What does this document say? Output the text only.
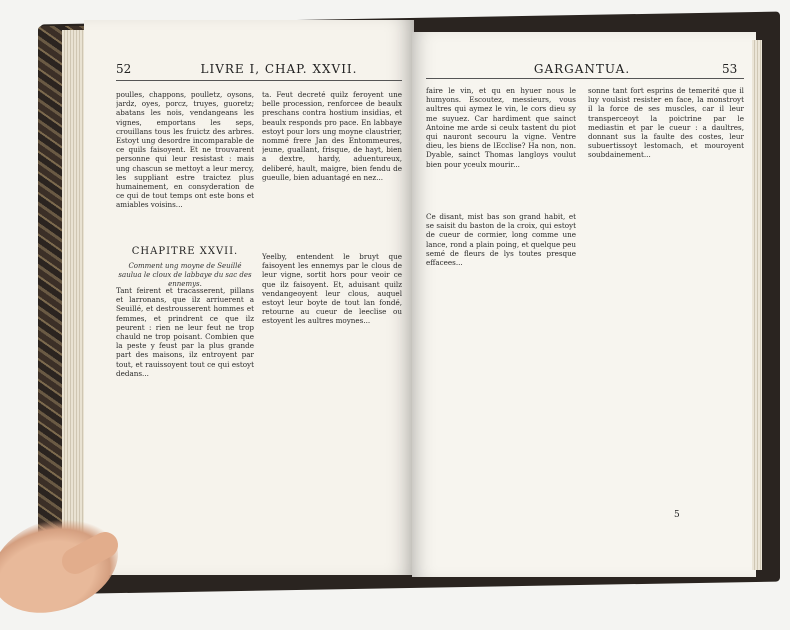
52	LIVRE I, CHAP. XXVII.
poulles, chappons, poulletz, oysons, jardz, oyes, porcz, truyes, guoretz; abatans les nois, vendangeans les vignes, emportans les seps, crouillans tous les fruictz des arbres. Estoyt ung desordre incomparable de ce quils faisoyent. Et ne trouvarent personne qui leur resistast : mais ung chascun se mettoyt a leur mercy, les suppliant estre traictez plus humainement, en consyderation de ce qui de tout temps ont este bons et amiables voisins...
CHAPITRE XXVII.
Comment ung moyne de Seuillé saulua le cloux de labbaye du sac des ennemys.
Tant feirent et tracasserent, pillans et larronans, que ilz arriuerent a Seuillé, et destrousserent hommes et femmes, et prindrent ce que ilz peurent : rien ne leur feut ne trop chauld ne trop poisant. Combien que la peste y feust par la plus grande part des maisons, ilz entroyent par tout, et rauissoyent tout ce qui estoyt dedans...
ta. Feut decreté quilz feroyent une belle procession, renforcee de beaulx preschans contra hostium insidias, et beaulx responds pro pace. En labbaye estoyt pour lors ung moyne claustrier, nommé frere Jan des Entommeures, jeune, guallant, frisque, de hayt, bien a dextre, hardy, aduentureux, deliberé, hault, maigre, bien fendu de gueulle, bien aduantagé en nez...
Yeelby, entendent le bruyt que faisoyent les ennemys par le clous de leur vigne, sortit hors pour veoir ce que ilz faisoyent. Et, aduisant quilz vendangeoyent leur clous, auquel estoyt leur boyte de tout lan fondé, retourne au cueur de leeclise ou estoyent les aultres moynes...
GARGANTUA.	53
faire le vin, et qu en hyuer nous le humyons. Escoutez, messieurs, vous aultres qui aymez le vin, le cors dieu sy me suyuez. Car hardiment que sainct Antoine me arde si ceulx tastent du piot qui nauront secouru la vigne. Ventre dieu, les biens de lEcclise? Ha non, non. Dyable, sainct Thomas langloys voulut bien pour yceulx mourir...
Ce disant, mist bas son grand habit, et se saisit du baston de la croix, qui estoyt de cueur de cormier, long comme une lance, rond a plain poing, et quelque peu semé de fleurs de lys toutes presque effacees...
sonne tant fort esprins de temerité que il luy voulsist resister en face, la monstroyt il la force de ses muscles, car il leur transperceoyt la poictrine par le mediastin et par le cueur : a daultres, donnant sus la faulte des costes, leur subuertissoyt lestomach, et mouroyent soubdainement...
5
